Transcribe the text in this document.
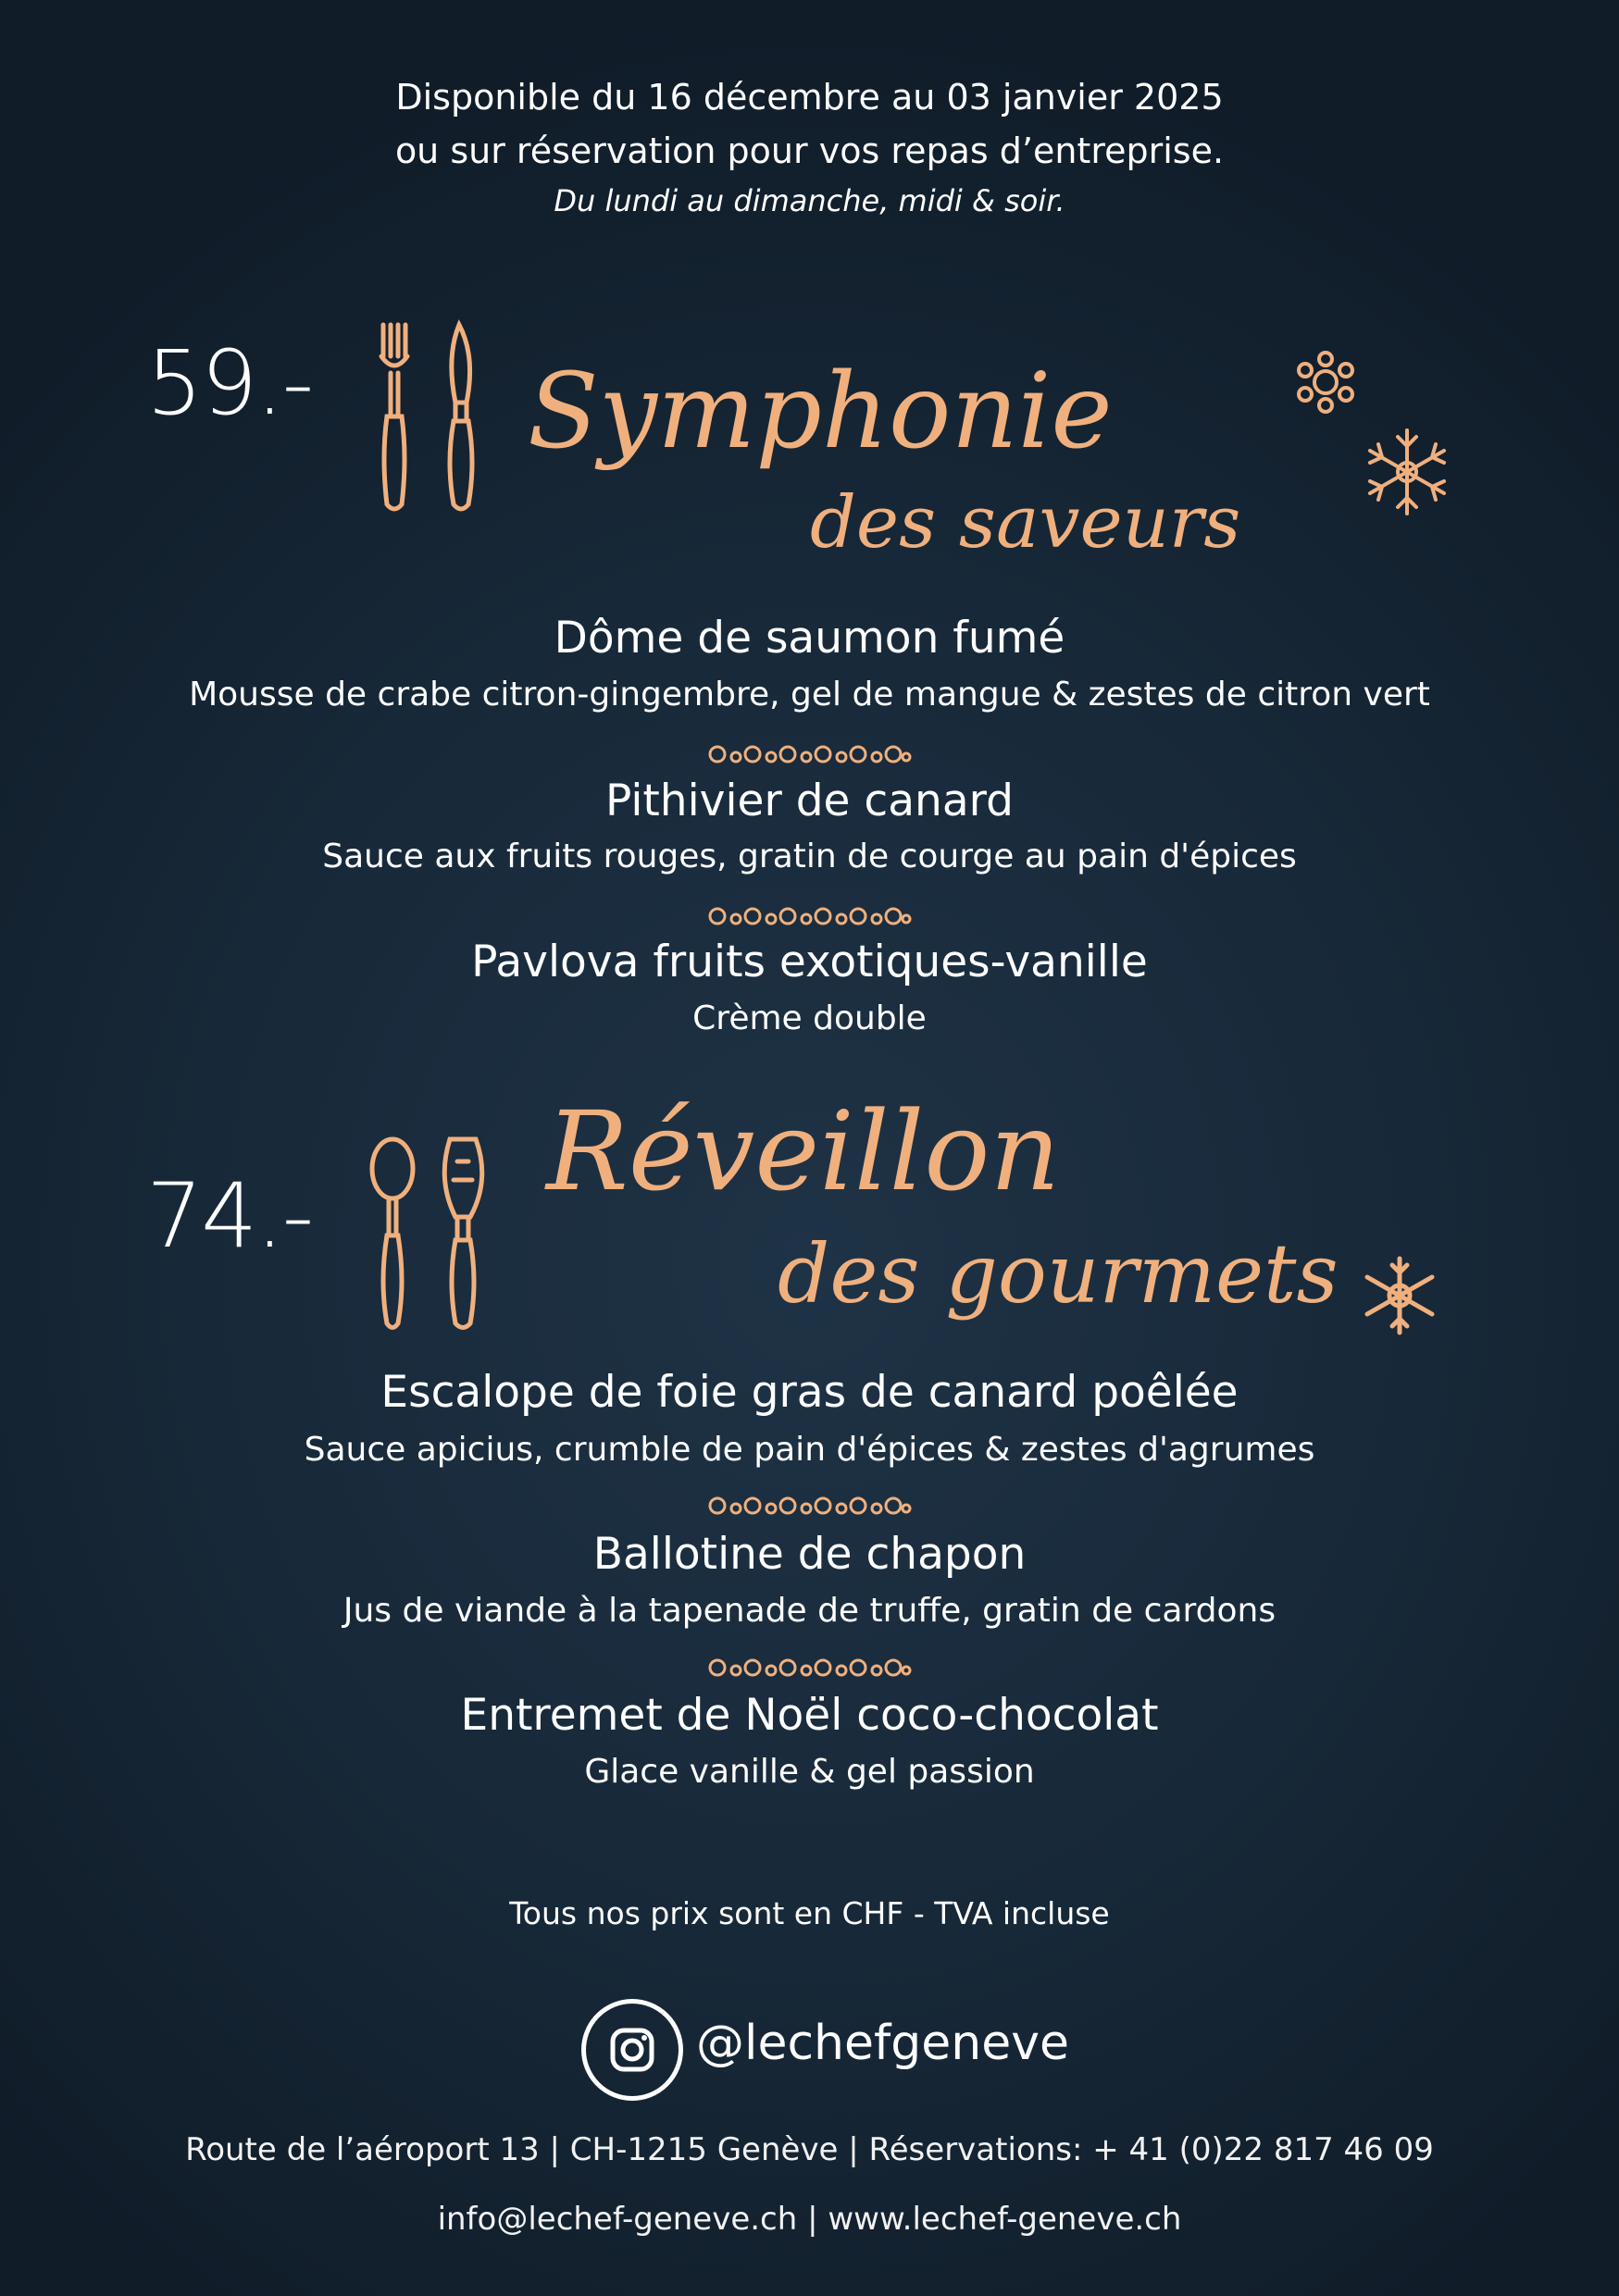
Disponible du 16 décembre au 03 janvier 2025
ou sur réservation pour vos repas d’entreprise.
Du lundi au dimanche, midi & soir.
59.- Symphonie
des saveurs
Dôme de saumon fumé
Mousse de crabe citron-gingembre, gel de mangue & zestes de citron vert
Pithivier de canard
Sauce aux fruits rouges, gratin de courge au pain d'épices
Pavlova fruits exotiques-vanille
Crème double
74.-
Réveillon
des gourmets
Escalope de foie gras de canard poêlée
Sauce apicius, crumble de pain d'épices & zestes d'agrumes
Ballotine de chapon
Jus de viande à la tapenade de truffe, gratin de cardons
Entremet de Noël coco-chocolat
Glace vanille & gel passion
Tous nos prix sont en CHF - TVA incluse
@lechefgeneve
Route de l’aéroport 13 | CH-1215 Genève | Réservations: + 41 (0)22 817 46 09
info@lechef-geneve.ch | www.lechef-geneve.ch
